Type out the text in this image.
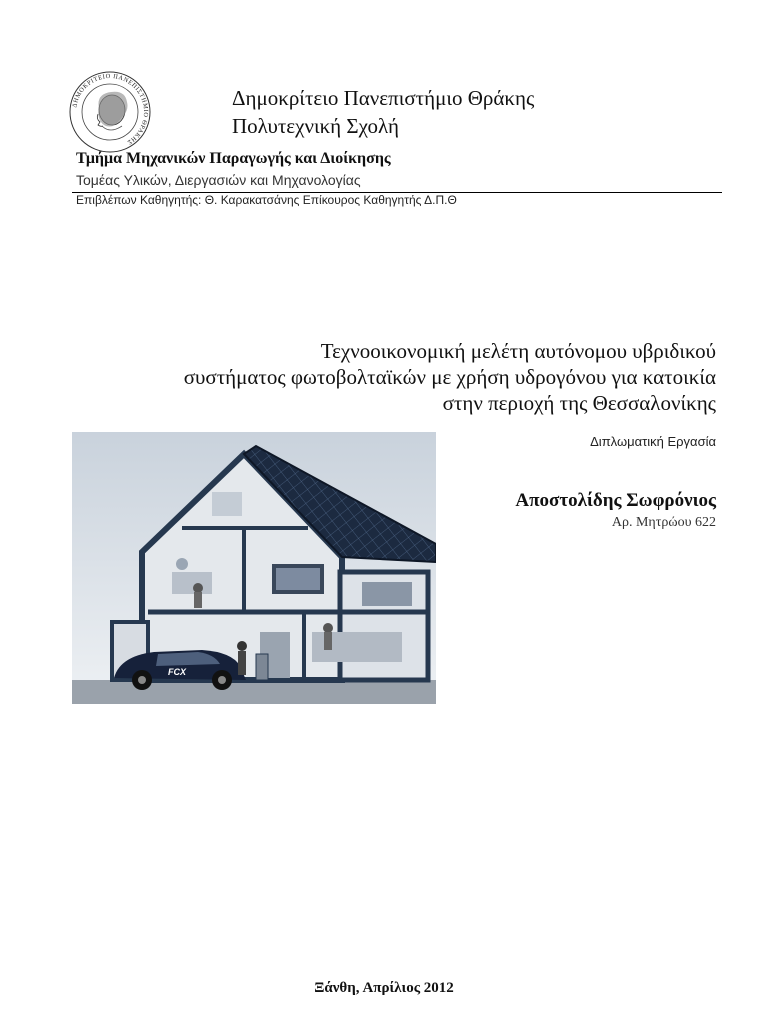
ΔΗΜΟΚΡΙΤΕΙΟ ΠΑΝΕΠΙΣΤΗΜΙΟ ΘΡΑΚΗΣ
Δημοκρίτειο Πανεπιστήμιο Θράκης
Πολυτεχνική Σχολή
Τμήμα Μηχανικών Παραγωγής και Διοίκησης
Τομέας Υλικών, Διεργασιών και Μηχανολογίας
Επιβλέπων Καθηγητής: Θ. Καρακατσάνης Επίκουρος Καθηγητής Δ.Π.Θ
Τεχνοοικονομική μελέτη αυτόνομου υβριδικού
συστήματος φωτοβολταϊκών με χρήση υδρογόνου για κατοικία
στην περιοχή της Θεσσαλονίκης
FCX
Διπλωματική Εργασία
Αποστολίδης Σωφρόνιος
Αρ. Μητρώου 622
Ξάνθη, Απρίλιος 2012
